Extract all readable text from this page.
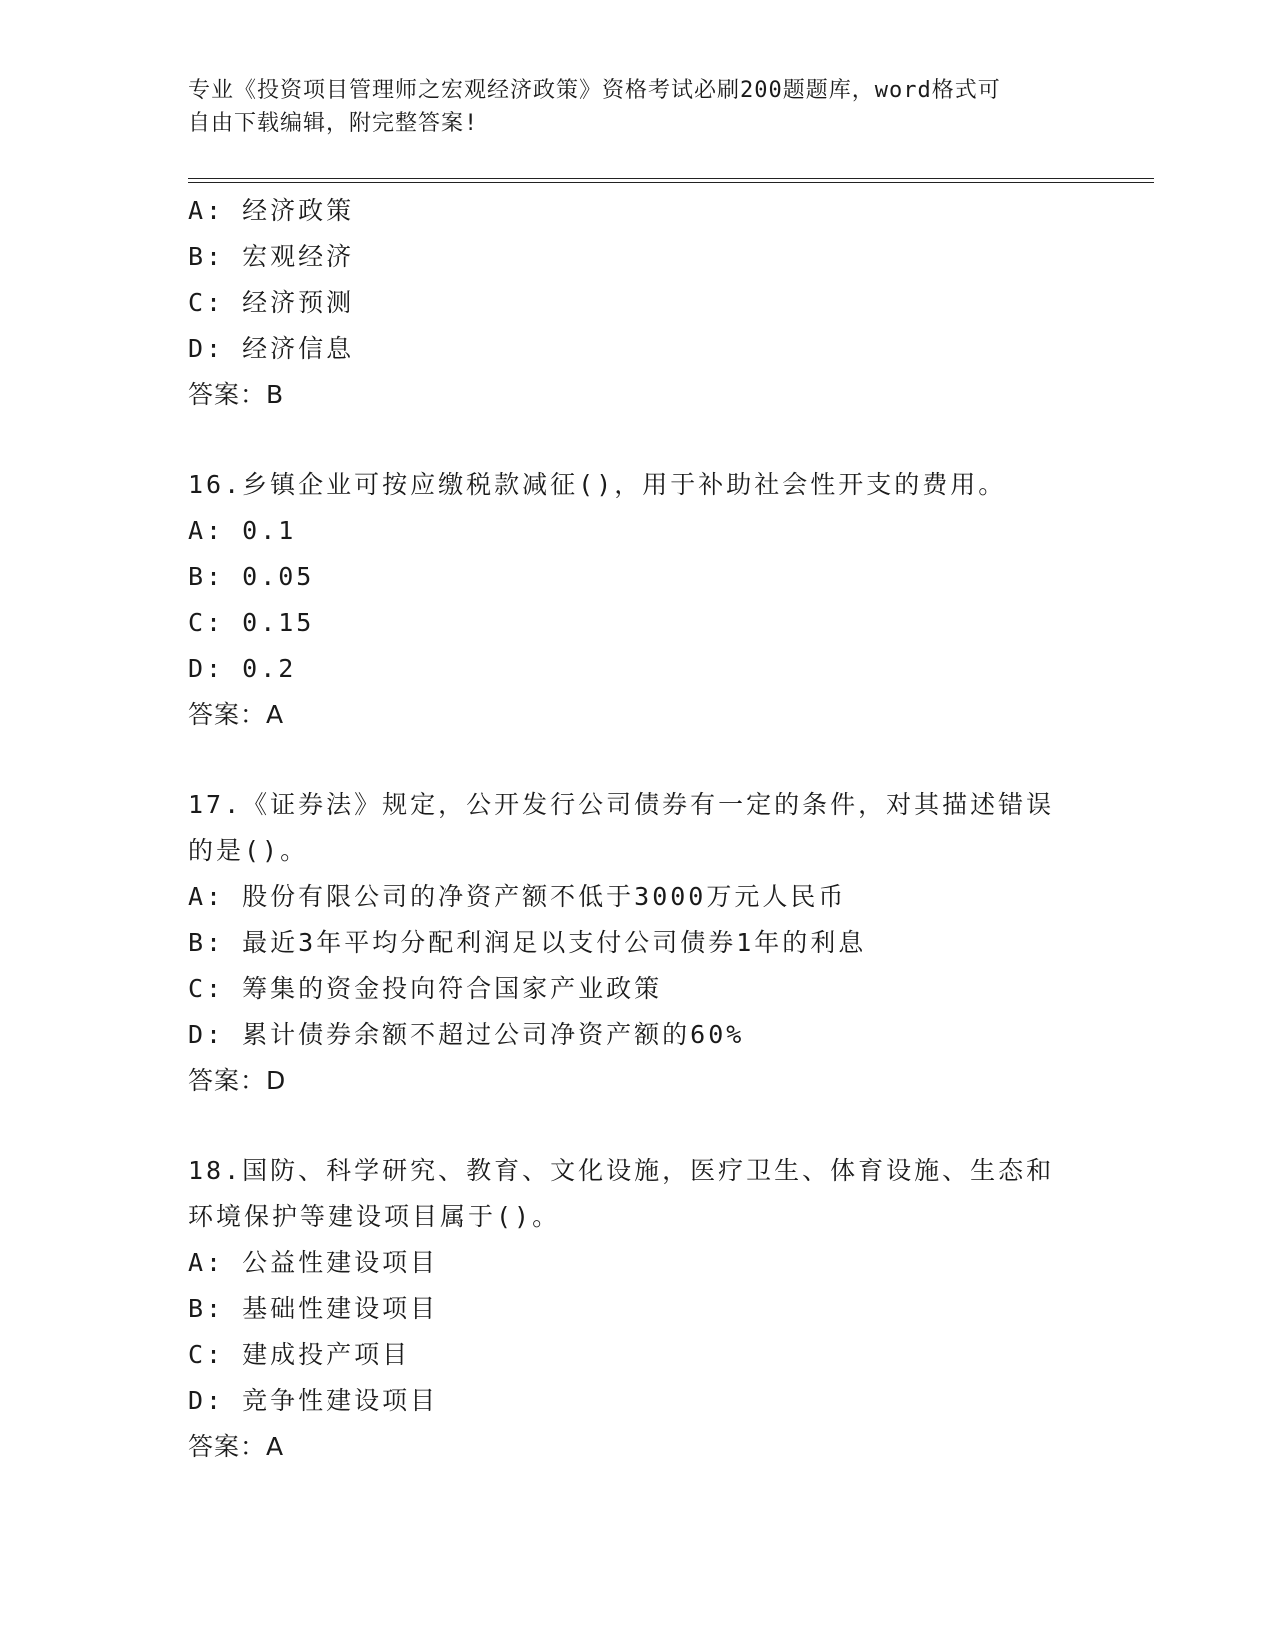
专业《投资项目管理师之宏观经济政策》资格考试必刷200题题库，word格式可
自由下载编辑，附完整答案!
A: 经济政策
B: 宏观经济
C: 经济预测
D: 经济信息
答案：B
16.乡镇企业可按应缴税款减征()，用于补助社会性开支的费用。
A: 0.1
B: 0.05
C: 0.15
D: 0.2
答案：A
17.《证券法》规定，公开发行公司债券有一定的条件，对其描述错误
的是()。
A: 股份有限公司的净资产额不低于3000万元人民币
B: 最近3年平均分配利润足以支付公司债券1年的利息
C: 筹集的资金投向符合国家产业政策
D: 累计债券余额不超过公司净资产额的60%
答案：D
18.国防、科学研究、教育、文化设施，医疗卫生、体育设施、生态和
环境保护等建设项目属于()。
A: 公益性建设项目
B: 基础性建设项目
C: 建成投产项目
D: 竞争性建设项目
答案：A
